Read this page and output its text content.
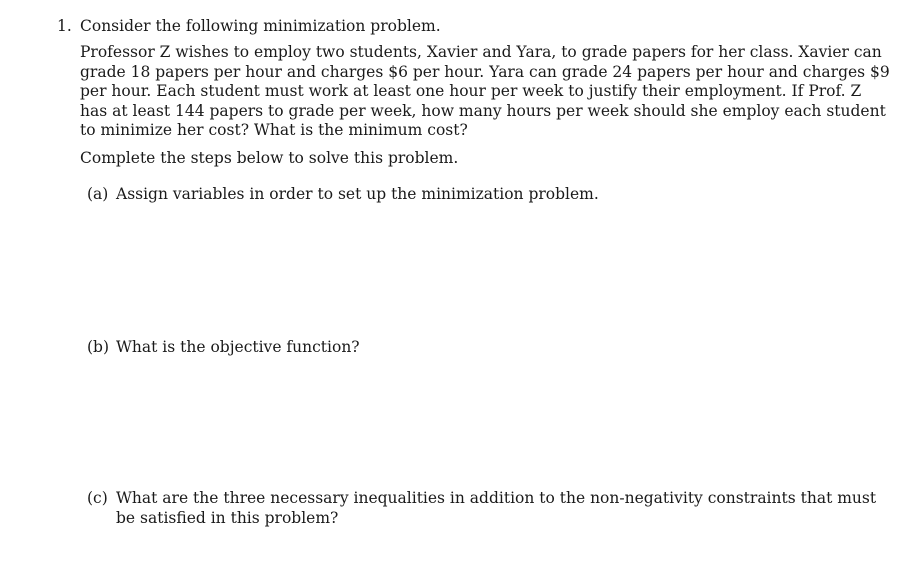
1. Consider the following minimization problem.
Professor Z wishes to employ two students, Xavier and Yara, to grade papers for her class. Xavier can
grade 18 papers per hour and charges $6 per hour. Yara can grade 24 papers per hour and charges $9
per hour. Each student must work at least one hour per week to justify their employment. If Prof. Z
has at least 144 papers to grade per week, how many hours per week should she employ each student
to minimize her cost? What is the minimum cost?
Complete the steps below to solve this problem.
(a) Assign variables in order to set up the minimization problem.
(b) What is the objective function?
(c) What are the three necessary inequalities in addition to the non-negativity constraints that must
be satisfied in this problem?
